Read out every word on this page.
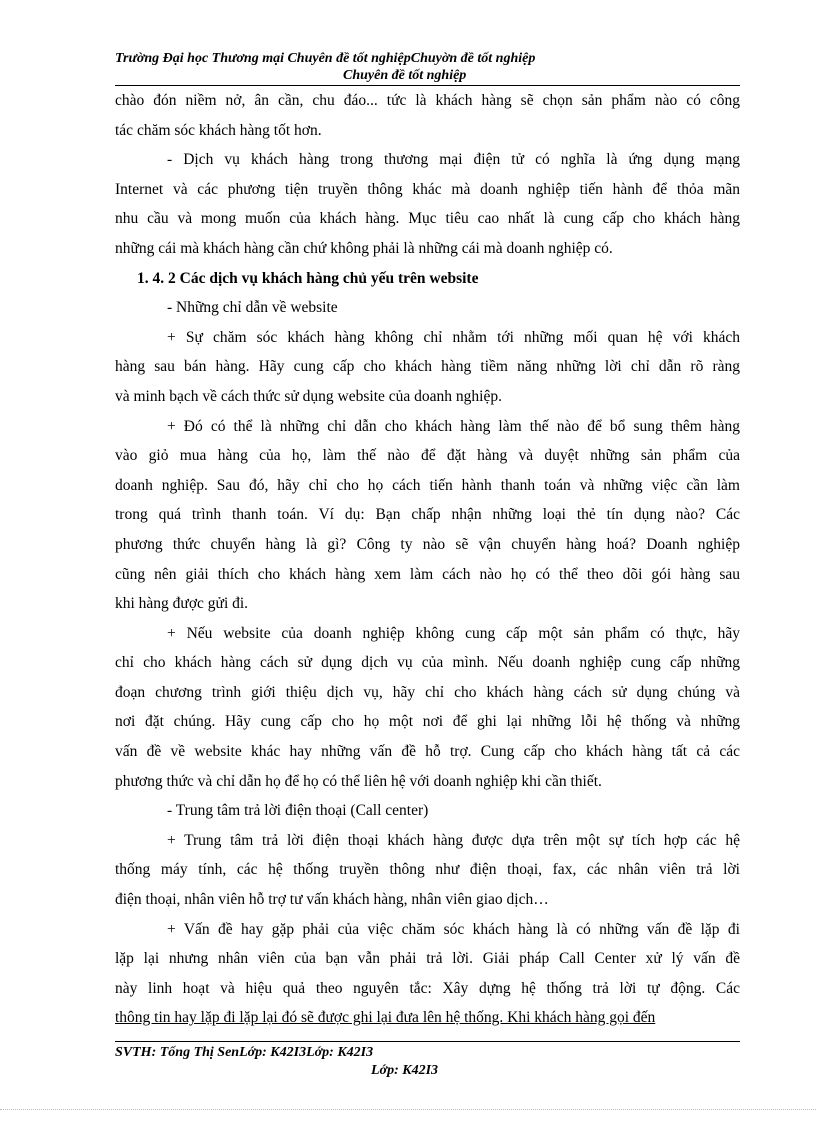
Trường Đại học Thương mại Chuyên đề tốt nghiệpChuyờn đề tốt nghiệp
Chuyên đề tốt nghiệp

chào đón niềm nở, ân cần, chu đáo... tức là khách hàng sẽ chọn sản phẩm nào có công

tác chăm sóc khách hàng tốt hơn.

- Dịch vụ khách hàng trong thương mại điện tử có nghĩa là ứng dụng mạng

Internet và các phương tiện truyền thông khác mà doanh nghiệp tiến hành để thỏa mãn

nhu cầu và mong muốn của khách hàng. Mục tiêu cao nhất là cung cấp cho khách hàng

những cái mà khách hàng cần chứ không phải là những cái mà doanh nghiệp có.

1. 4. 2 Các dịch vụ khách hàng chủ yếu trên website

- Những chỉ dẫn về website

+ Sự chăm sóc khách hàng không chỉ nhằm tới những mối quan hệ với khách

hàng sau bán hàng. Hãy cung cấp cho khách hàng tiềm năng những lời chỉ dẫn rõ ràng

và minh bạch về cách thức sử dụng website của doanh nghiệp.

+ Đó có thể là những chỉ dẫn cho khách hàng làm thế nào để bổ sung thêm hàng

vào giỏ mua hàng của họ, làm thế nào để đặt hàng và duyệt những sản phẩm của

doanh nghiệp. Sau đó, hãy chỉ cho họ cách tiến hành thanh toán và những việc cần làm

trong quá trình thanh toán. Ví dụ: Bạn chấp nhận những loại thẻ tín dụng nào? Các

phương thức chuyển hàng là gì? Công ty nào sẽ vận chuyển hàng hoá? Doanh nghiệp

cũng nên giải thích cho khách hàng xem làm cách nào họ có thể theo dõi gói hàng sau

khi hàng được gửi đi.

+ Nếu website của doanh nghiệp không cung cấp một sản phẩm có thực, hãy

chỉ cho khách hàng cách sử dụng dịch vụ của mình. Nếu doanh nghiệp cung cấp những

đoạn chương trình giới thiệu dịch vụ, hãy chỉ cho khách hàng cách sử dụng chúng và

nơi đặt chúng. Hãy cung cấp cho họ một nơi để ghi lại những lỗi hệ thống và những

vấn đề về website khác hay những vấn đề hỗ trợ. Cung cấp cho khách hàng tất cả các

phương thức và chỉ dẫn họ để họ có thể liên hệ với doanh nghiệp khi cần thiết.

- Trung tâm trả lời điện thoại (Call center)

+ Trung tâm trả lời điện thoại khách hàng được dựa trên một sự tích hợp các hệ

thống máy tính, các hệ thống truyền thông như điện thoại, fax, các nhân viên trả lời

điện thoại, nhân viên hỗ trợ tư vấn khách hàng, nhân viên giao dịch…

+ Vấn đề hay gặp phải của việc chăm sóc khách hàng là có những vấn đề lặp đi

lặp lại nhưng nhân viên của bạn vẫn phải trả lời. Giải pháp Call Center xử lý vấn đề

này linh hoạt và hiệu quả theo nguyên tắc: Xây dựng hệ thống trả lời tự động. Các

thông tin hay lặp đi lặp lại đó sẽ được ghi lại đưa lên hệ thống. Khi khách hàng gọi đến

SVTH: Tống Thị SenLớp: K42I3Lớp: K42I3
Lớp: K42I3
